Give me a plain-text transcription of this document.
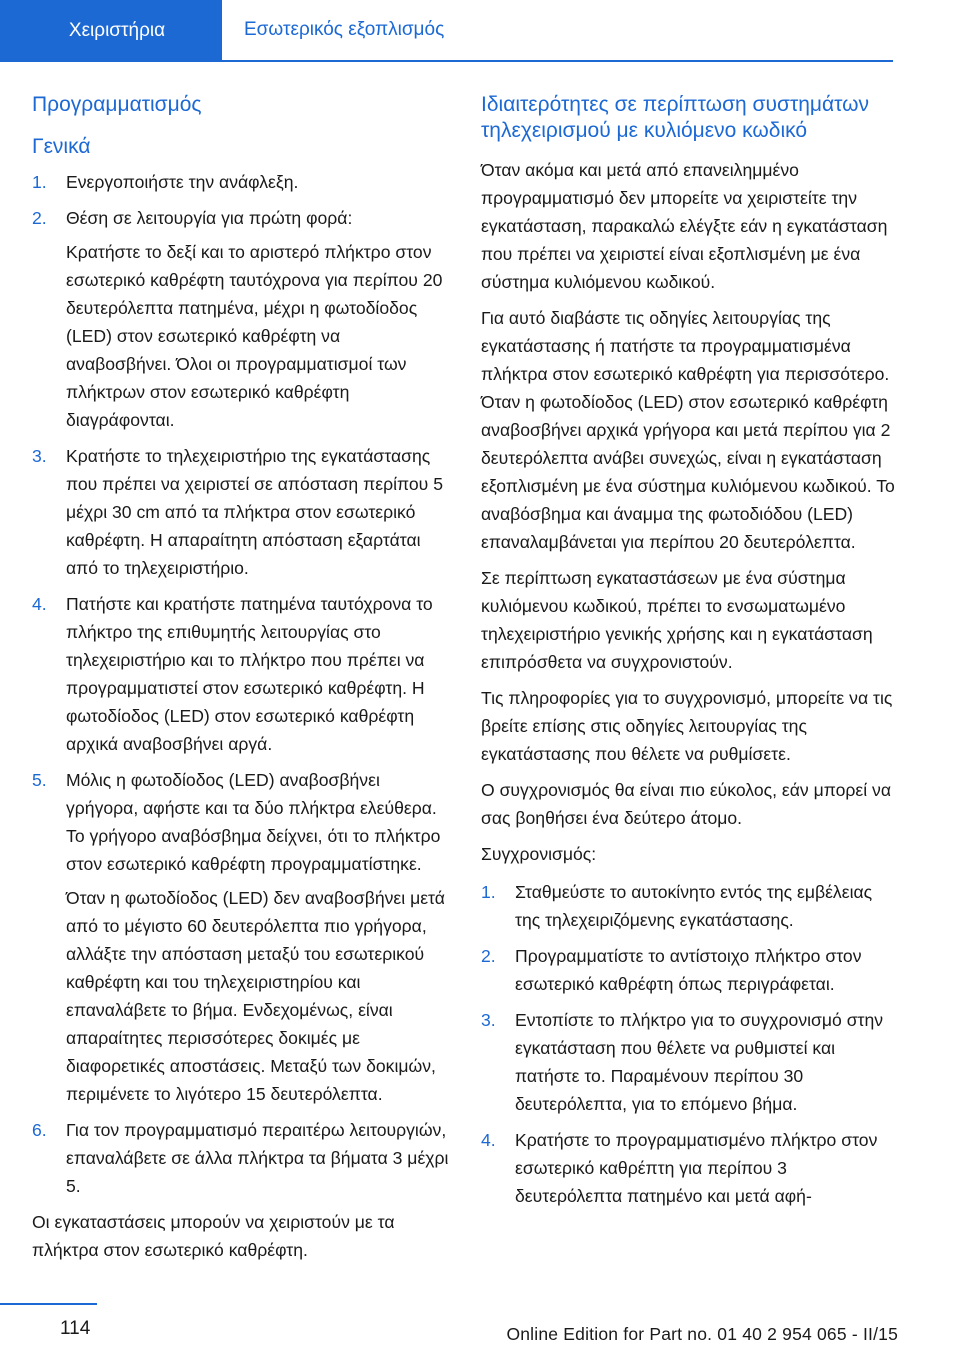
Χειριστήρια	Εσωτερικός εξοπλισμός
Προγραμματισμός
Γενικά
1. Ενεργοποιήστε την ανάφλεξη.
2. Θέση σε λειτουργία για πρώτη φορά:
Κρατήστε το δεξί και το αριστερό πλήκτρο στον εσωτερικό καθρέφτη ταυτόχρονα για περίπου 20 δευτερόλεπτα πατημένα, μέχρι η φωτοδίοδος (LED) στον εσωτερικό καθρέφτη να αναβοσβήνει. Όλοι οι προγραμματισμοί των πλήκτρων στον εσωτερικό καθρέφτη διαγράφονται.
3. Κρατήστε το τηλεχειριστήριο της εγκατάστασης που πρέπει να χειριστεί σε απόσταση περίπου 5 μέχρι 30 cm από τα πλήκτρα στον εσωτερικό καθρέφτη. Η απαραίτητη απόσταση εξαρτάται από το τηλεχειριστήριο.
4. Πατήστε και κρατήστε πατημένα ταυτόχρονα το πλήκτρο της επιθυμητής λειτουργίας στο τηλεχειριστήριο και το πλήκτρο που πρέπει να προγραμματιστεί στον εσωτερικό καθρέφτη. Η φωτοδίοδος (LED) στον εσωτερικό καθρέφτη αρχικά αναβοσβήνει αργά.
5. Μόλις η φωτοδίοδος (LED) αναβοσβήνει γρήγορα, αφήστε και τα δύο πλήκτρα ελεύθερα. Το γρήγορο αναβόσβημα δείχνει, ότι το πλήκτρο στον εσωτερικό καθρέφτη προγραμματίστηκε.
Όταν η φωτοδίοδος (LED) δεν αναβοσβήνει μετά από το μέγιστο 60 δευτερόλεπτα πιο γρήγορα, αλλάξτε την απόσταση μεταξύ του εσωτερικού καθρέφτη και του τηλεχειριστηρίου και επαναλάβετε το βήμα. Ενδεχομένως, είναι απαραίτητες περισσότερες δοκιμές με διαφορετικές αποστάσεις. Μεταξύ των δοκιμών, περιμένετε το λιγότερο 15 δευτερόλεπτα.
6. Για τον προγραμματισμό περαιτέρω λειτουργιών, επαναλάβετε σε άλλα πλήκτρα τα βήματα 3 μέχρι 5.

Οι εγκαταστάσεις μπορούν να χειριστούν με τα πλήκτρα στον εσωτερικό καθρέφτη.

Ιδιαιτερότητες σε περίπτωση συστημάτων τηλεχειρισμού με κυλιόμενο κωδικό

Όταν ακόμα και μετά από επανειλημμένο προγραμματισμό δεν μπορείτε να χειριστείτε την εγκατάσταση, παρακαλώ ελέγξτε εάν η εγκατάσταση που πρέπει να χειριστεί είναι εξοπλισμένη με ένα σύστημα κυλιόμενου κωδικού.

Για αυτό διαβάστε τις οδηγίες λειτουργίας της εγκατάστασης ή πατήστε τα προγραμματισμένα πλήκτρα στον εσωτερικό καθρέφτη για περισσότερο. Όταν η φωτοδίοδος (LED) στον εσωτερικό καθρέφτη αναβοσβήνει αρχικά γρήγορα και μετά περίπου για 2 δευτερόλεπτα ανάβει συνεχώς, είναι η εγκατάσταση εξοπλισμένη με ένα σύστημα κυλιόμενου κωδικού. Το αναβόσβημα και άναμμα της φωτοδιόδου (LED) επαναλαμβάνεται για περίπου 20 δευτερόλεπτα.

Σε περίπτωση εγκαταστάσεων με ένα σύστημα κυλιόμενου κωδικού, πρέπει το ενσωματωμένο τηλεχειριστήριο γενικής χρήσης και η εγκατάσταση επιπρόσθετα να συγχρονιστούν.

Τις πληροφορίες για το συγχρονισμό, μπορείτε να τις βρείτε επίσης στις οδηγίες λειτουργίας της εγκατάστασης που θέλετε να ρυθμίσετε.

Ο συγχρονισμός θα είναι πιο εύκολος, εάν μπορεί να σας βοηθήσει ένα δεύτερο άτομο.

Συγχρονισμός:

1. Σταθμεύστε το αυτοκίνητο εντός της εμβέλειας της τηλεχειριζόμενης εγκατάστασης.
2. Προγραμματίστε το αντίστοιχο πλήκτρο στον εσωτερικό καθρέφτη όπως περιγράφεται.
3. Εντοπίστε το πλήκτρο για το συγχρονισμό στην εγκατάσταση που θέλετε να ρυθμιστεί και πατήστε το. Παραμένουν περίπου 30 δευτερόλεπτα, για το επόμενο βήμα.
4. Κρατήστε το προγραμματισμένο πλήκτρο στον εσωτερικό καθρέπτη για περίπου 3 δευτερόλεπτα πατημένο και μετά αφή-
114	Online Edition for Part no. 01 40 2 954 065 - II/15
